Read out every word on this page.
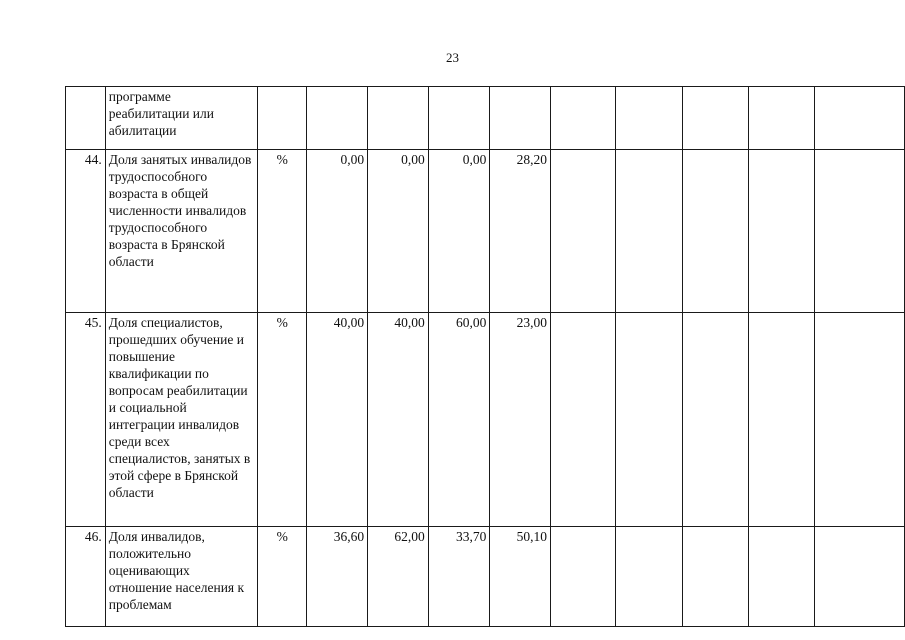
23
	программе реабилитации или абилитации										
44.	Доля занятых инвалидов трудоспособного возраста в общей численности инвалидов трудоспособного возраста в Брянской области	%	0,00	0,00	0,00	28,20					
45.	Доля специалистов, прошедших обучение и повышение квалификации по вопросам реабилитации и социальной интеграции инвалидов среди всех специалистов, занятых в этой сфере в Брянской области	%	40,00	40,00	60,00	23,00					
46.	Доля инвалидов, положительно оценивающих отношение населения к проблемам	%	36,60	62,00	33,70	50,10					
